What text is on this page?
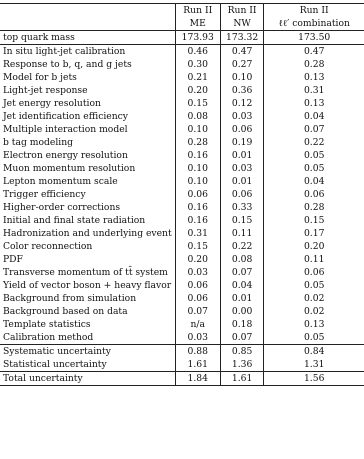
	Run II	Run II	Run II
	ME	NW	ℓℓ′ combination
top quark mass	173.93	173.32	173.50
In situ light-jet calibration	0.46	0.47	0.47
Response to b, q, and g jets	0.30	0.27	0.28
Model for b jets	0.21	0.10	0.13
Light-jet response	0.20	0.36	0.31
Jet energy resolution	0.15	0.12	0.13
Jet identification efficiency	0.08	0.03	0.04
Multiple interaction model	0.10	0.06	0.07
b tag modeling	0.28	0.19	0.22
Electron energy resolution	0.16	0.01	0.05
Muon momentum resolution	0.10	0.03	0.05
Lepton momentum scale	0.10	0.01	0.04
Trigger efficiency	0.06	0.06	0.06
Higher-order corrections	0.16	0.33	0.28
Initial and final state radiation	0.16	0.15	0.15
Hadronization and underlying event	0.31	0.11	0.17
Color reconnection	0.15	0.22	0.20
PDF	0.20	0.08	0.11
Transverse momentum of tt̄ system	0.03	0.07	0.06
Yield of vector boson + heavy flavor	0.06	0.04	0.05
Background from simulation	0.06	0.01	0.02
Background based on data	0.07	0.00	0.02
Template statistics	n/a	0.18	0.13
Calibration method	0.03	0.07	0.05
Systematic uncertainty	0.88	0.85	0.84
Statistical uncertainty	1.61	1.36	1.31
Total uncertainty	1.84	1.61	1.56
